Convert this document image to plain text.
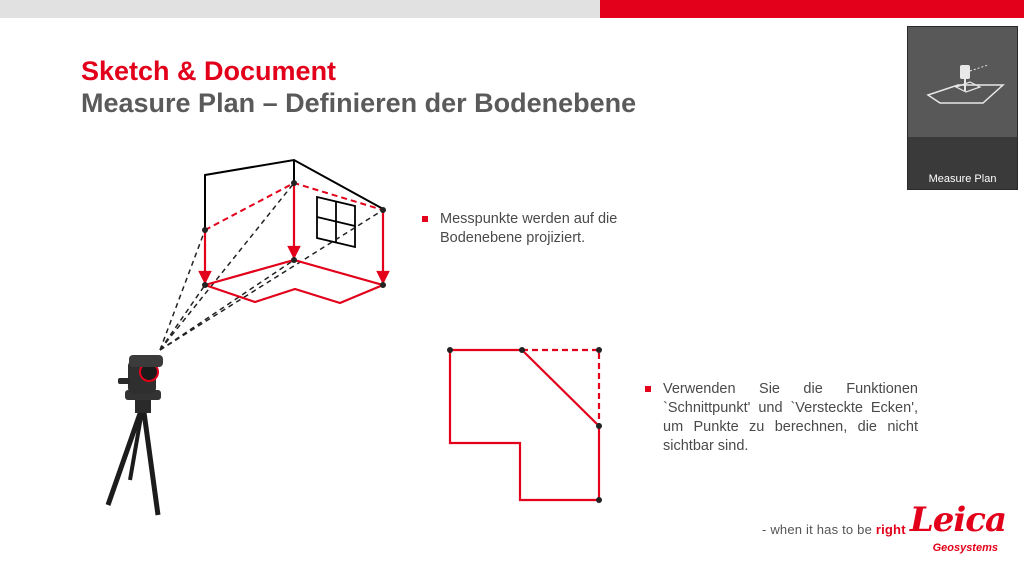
Sketch & Document
Measure Plan – Definieren der Bodenebene
Measure Plan
Messpunkte werden auf die Bodenebene projiziert.
Verwenden Sie die Funktionen `Schnittpunkt' und `Versteckte Ecken', um Punkte zu berechnen, die nicht sichtbar sind.
- when it has to be right Leica
Geosystems
